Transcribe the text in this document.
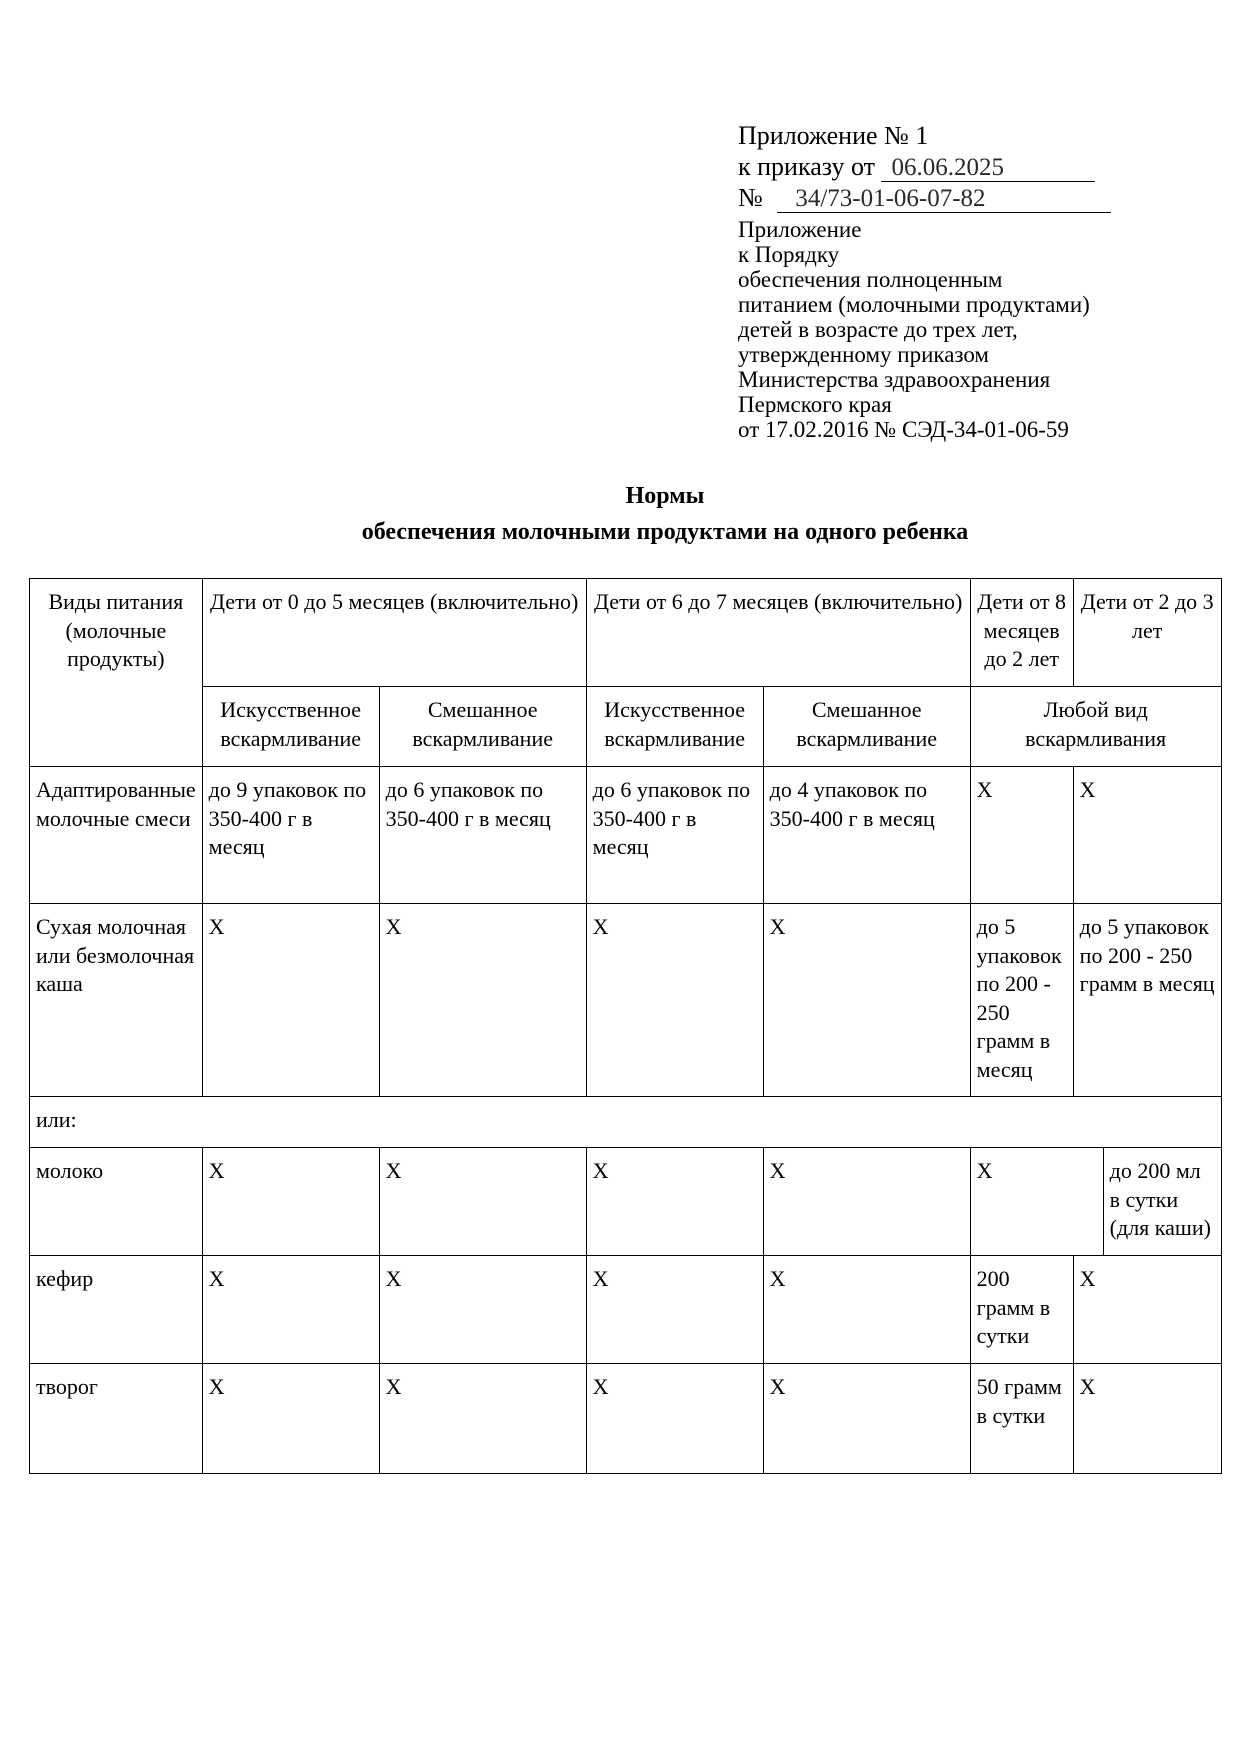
Приложение № 1
к приказу от 06.06.2025
№ 34/73-01-06-07-82
Приложение
к Порядку
обеспечения полноценным
питанием (молочными продуктами)
детей в возрасте до трех лет,
утвержденному приказом
Министерства здравоохранения
Пермского края
от 17.02.2016 № СЭД-34-01-06-59
Нормы
обеспечения молочными продуктами на одного ребенка
Виды питания (молочные продукты)	Дети от 0 до 5 месяцев (включительно)		Дети от 6 до 7 месяцев (включительно)		Дети от 8 месяцев до 2 лет	Дети от 2 до 3 лет	
	Искусственное вскармливание	Смешанное вскармливание	Искусственное вскармливание	Смешанное вскармливание	Любой вид вскармливания		
Адаптированные молочные смеси	до 9 упаковок по 350-400 г в месяц	до 6 упаковок по 350-400 г в месяц	до 6 упаковок по 350-400 г в месяц	до 4 упаковок по 350-400 г в месяц	Х	Х	
Сухая молочная или безмолочная каша	Х	Х	Х	Х	до 5 упаковок по 200 - 250 грамм в месяц	до 5 упаковок по 200 - 250 грамм в месяц	
или:							
молоко	Х	Х	Х	Х	Х		до 200 мл в сутки (для каши)
кефир	Х	Х	Х	Х	200 грамм в сутки	Х	
творог	Х	Х	Х	Х	50 грамм в сутки	Х	
